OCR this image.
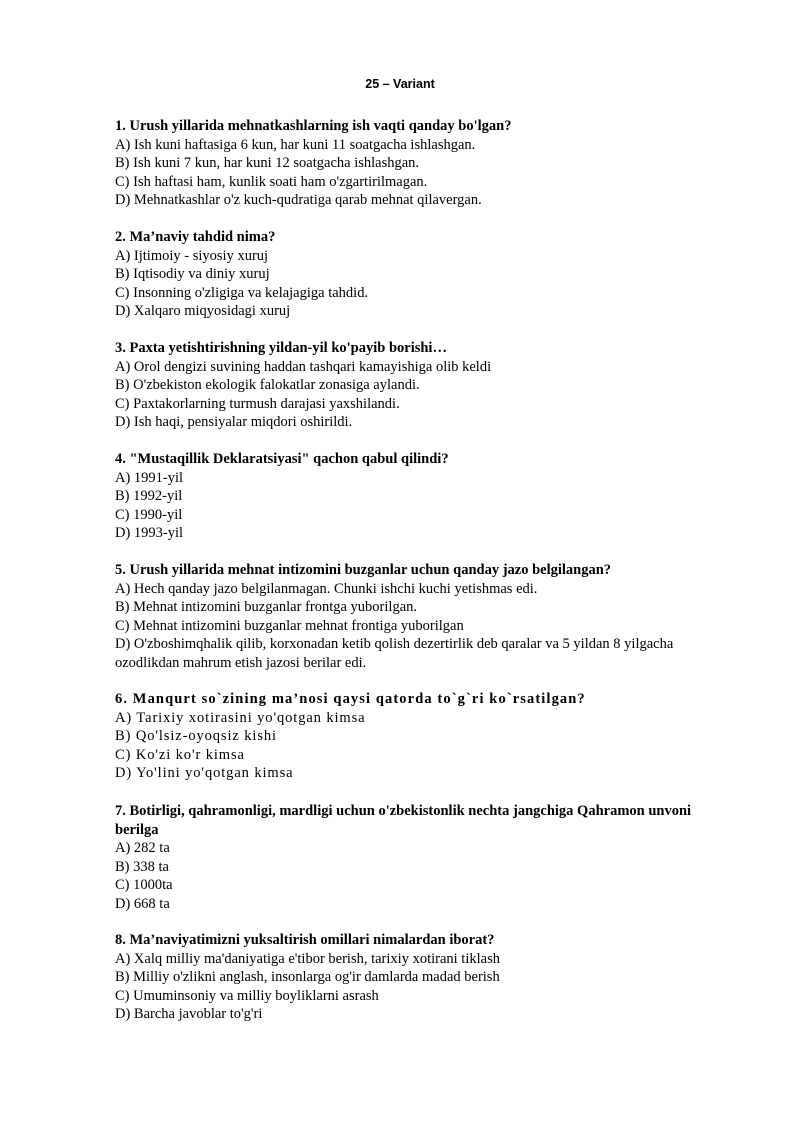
25 – Variant
1. Urush yillarida mehnatkashlarning ish vaqti qanday bo'lgan?
A) Ish kuni haftasiga 6 kun, har kuni 11 soatgacha ishlashgan.
B) Ish kuni 7 kun, har kuni 12 soatgacha ishlashgan.
C) Ish haftasi ham, kunlik soati ham o'zgartirilmagan.
D) Mehnatkashlar o'z kuch-qudratiga qarab mehnat qilavergan.
2. Ma’naviy tahdid nima?
A) Ijtimoiy - siyosiy xuruj
B) Iqtisodiy va diniy xuruj
C) Insonning o'zligiga va kelajagiga tahdid.
D) Xalqaro miqyosidagi xuruj
3. Paxta yetishtirishning yildan-yil ko'payib borishi…
A) Orol dengizi suvining haddan tashqari kamayishiga olib keldi
B) O'zbekiston ekologik falokatlar zonasiga aylandi.
C) Paxtakorlarning turmush darajasi yaxshilandi.
D) Ish haqi, pensiyalar miqdori oshirildi.
4. "Mustaqillik Deklaratsiyasi" qachon qabul qilindi?
A) 1991-yil
B) 1992-yil
C) 1990-yil
D) 1993-yil
5. Urush yillarida mehnat intizomini buzganlar uchun qanday jazo belgilangan?
A) Hech qanday jazo belgilanmagan. Chunki ishchi kuchi yetishmas edi.
B) Mehnat intizomini buzganlar frontga yuborilgan.
C) Mehnat intizomini buzganlar mehnat frontiga yuborilgan
D) O'zboshimqhalik qilib, korxonadan ketib qolish dezertirlik deb qaralar va 5 yildan 8 yilgacha ozodlikdan mahrum etish jazosi berilar edi.
6. Manqurt so`zining ma’nosi qaysi qatorda to`g`ri ko`rsatilgan?
A) Tarixiy xotirasini yo'qotgan kimsa
B) Qo'lsiz-oyoqsiz kishi
C) Ko'zi ko'r kimsa
D) Yo'lini yo'qotgan kimsa
7. Botirligi, qahramonligi, mardligi uchun o'zbekistonlik nechta jangchiga Qahramon unvoni berilga
A) 282 ta
B) 338 ta
C) 1000ta
D) 668 ta
8. Ma’naviyatimizni yuksaltirish omillari nimalardan iborat?
A) Xalq milliy ma'daniyatiga e'tibor berish, tarixiy xotirani tiklash
B) Milliy o'zlikni anglash, insonlarga og'ir damlarda madad berish
C) Umuminsoniy va milliy boyliklarni asrash
D) Barcha javoblar to'g'ri
